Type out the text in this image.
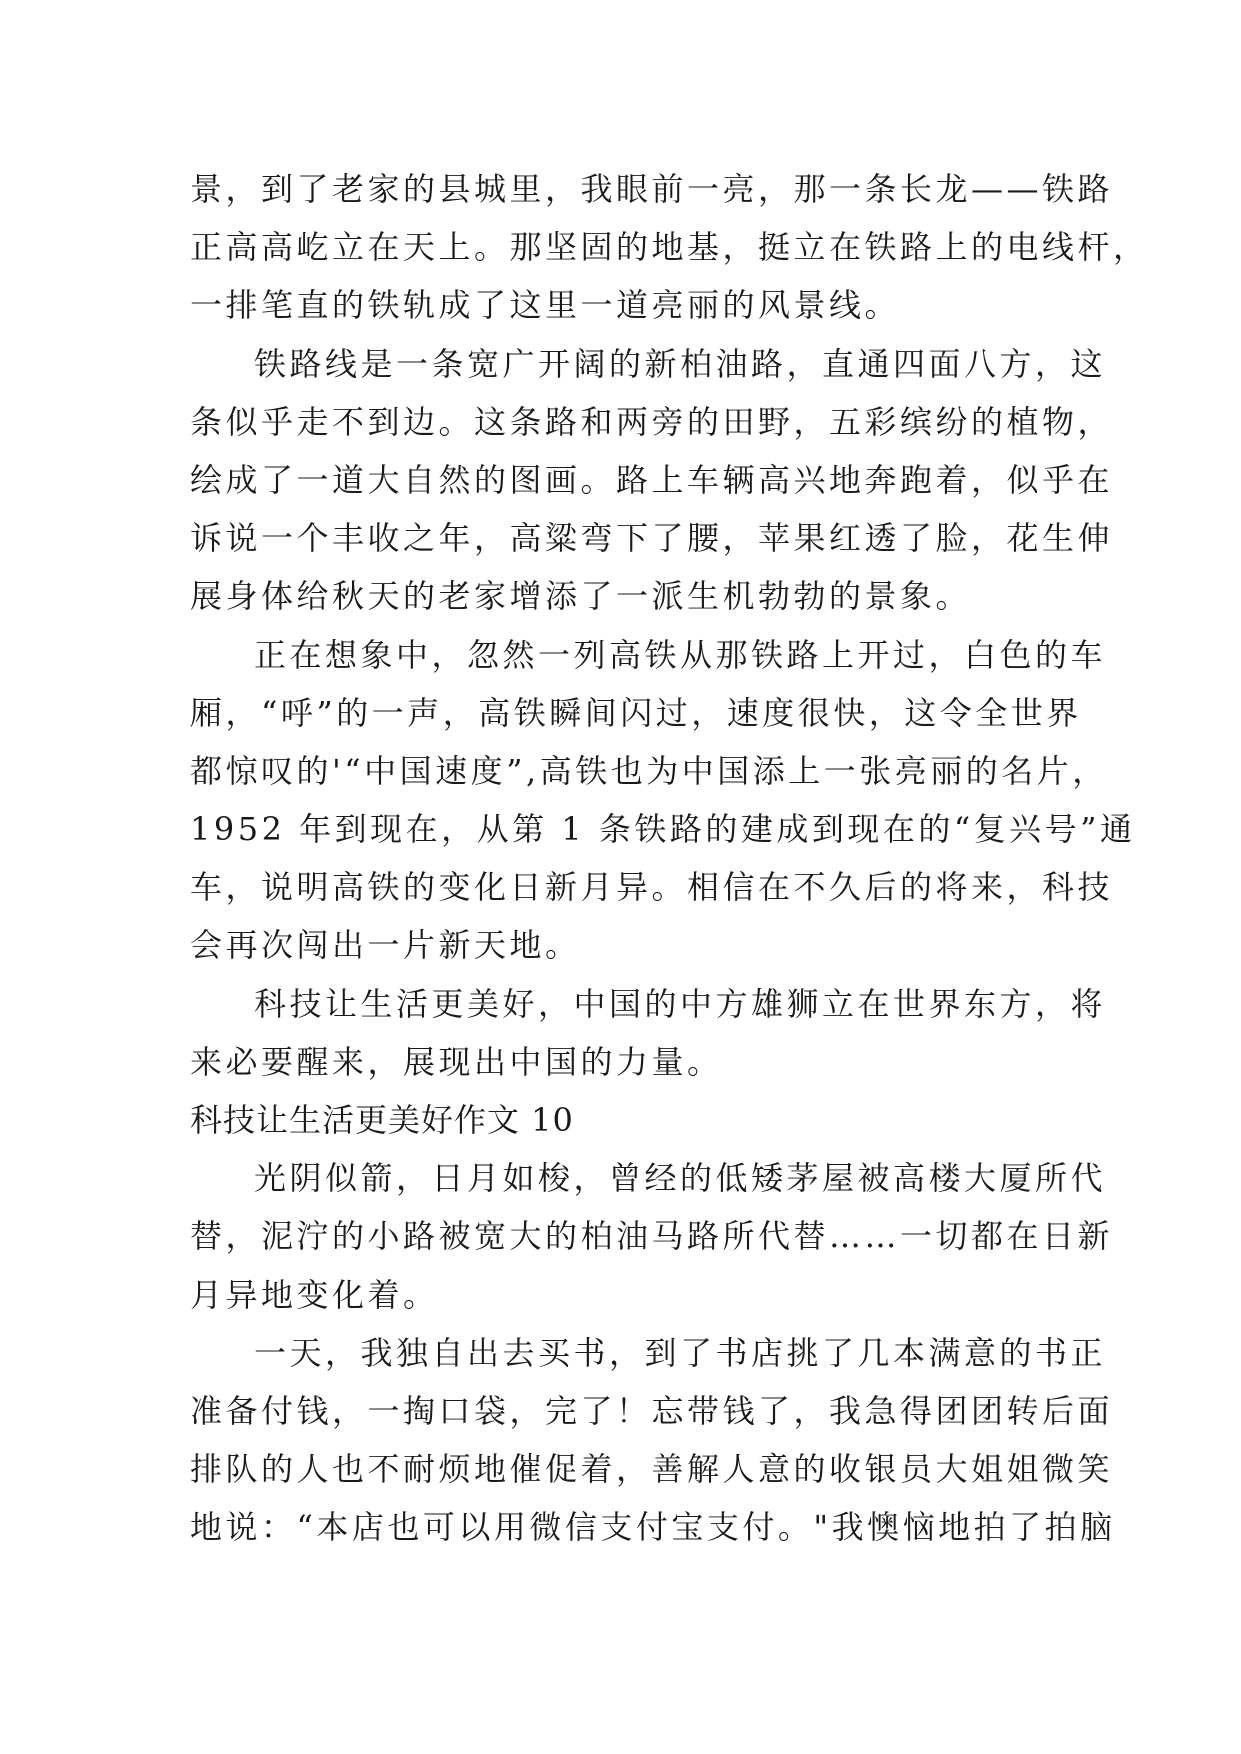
景，到了老家的县城里，我眼前一亮，那一条长龙——铁路
正高高屹立在天上。那坚固的地基，挺立在铁路上的电线杆，
一排笔直的铁轨成了这里一道亮丽的风景线。
铁路线是一条宽广开阔的新柏油路，直通四面八方，这
条似乎走不到边。这条路和两旁的田野，五彩缤纷的植物，
绘成了一道大自然的图画。路上车辆高兴地奔跑着，似乎在
诉说一个丰收之年，高粱弯下了腰，苹果红透了脸，花生伸
展身体给秋天的老家增添了一派生机勃勃的景象。
正在想象中，忽然一列高铁从那铁路上开过，白色的车
厢，“呼”的一声，高铁瞬间闪过，速度很快，这令全世界
都惊叹的'“中国速度”,高铁也为中国添上一张亮丽的名片，
1952 年到现在，从第 1 条铁路的建成到现在的“复兴号”通
车，说明高铁的变化日新月异。相信在不久后的将来，科技
会再次闯出一片新天地。
科技让生活更美好，中国的中方雄狮立在世界东方，将
来必要醒来，展现出中国的力量。
科技让生活更美好作文 10
光阴似箭，日月如梭，曾经的低矮茅屋被高楼大厦所代
替，泥泞的小路被宽大的柏油马路所代替……一切都在日新
月异地变化着。
一天，我独自出去买书，到了书店挑了几本满意的书正
准备付钱，一掏口袋，完了！忘带钱了，我急得团团转后面
排队的人也不耐烦地催促着，善解人意的收银员大姐姐微笑
地说：“本店也可以用微信支付宝支付。"我懊恼地拍了拍脑
